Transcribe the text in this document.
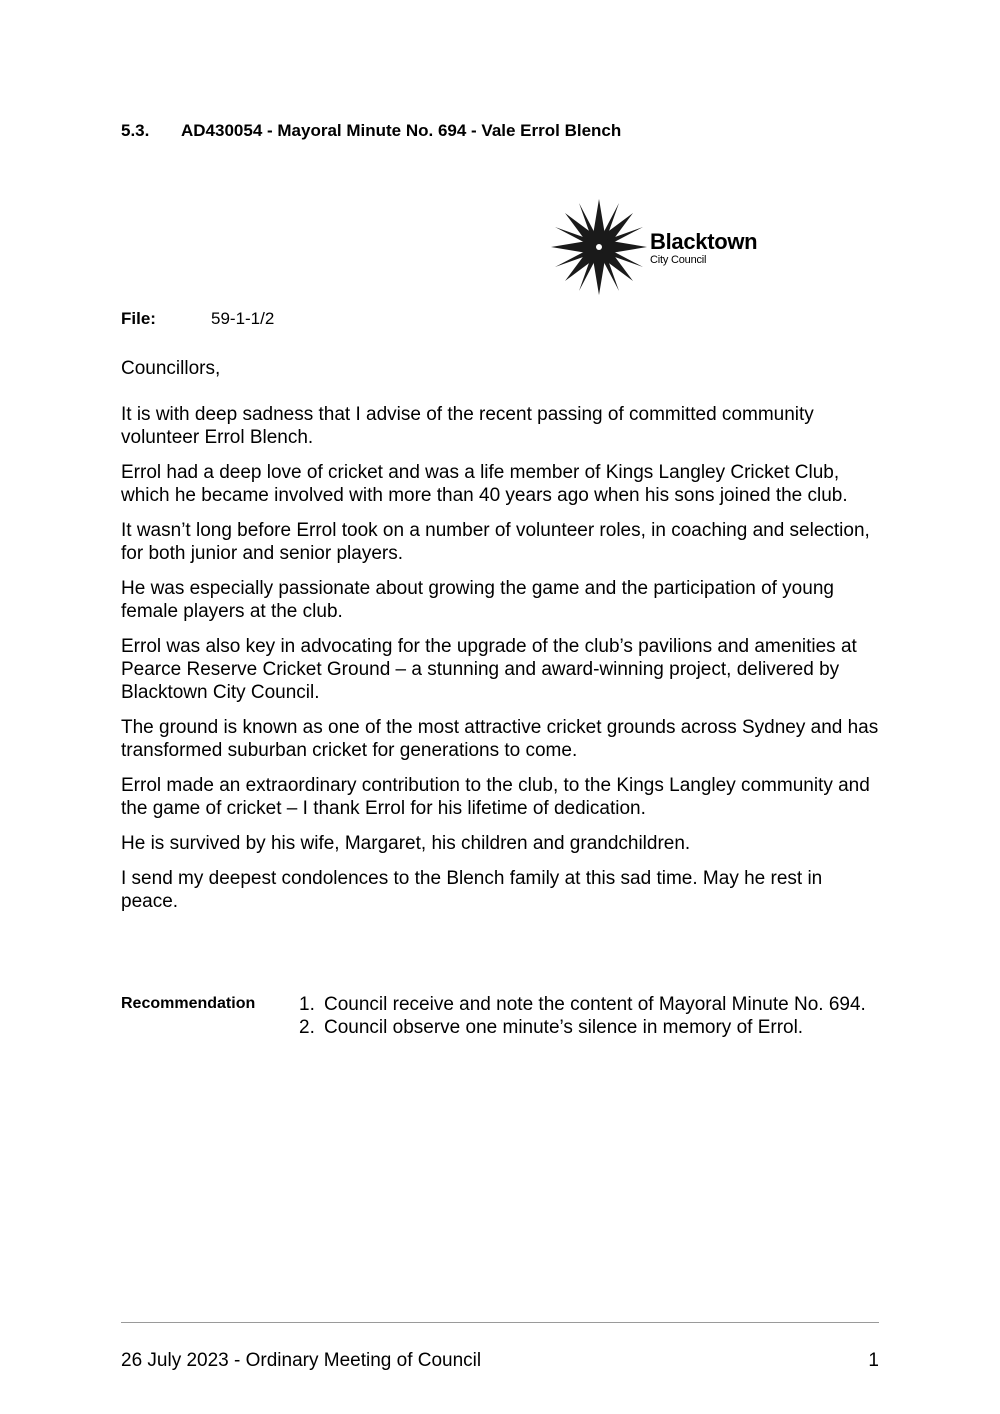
5.3. AD430054 - Mayoral Minute No. 694 - Vale Errol Blench
Blacktown
City Council
File:	59-1-1/2

Councillors,

It is with deep sadness that I advise of the recent passing of committed community volunteer Errol Blench.

Errol had a deep love of cricket and was a life member of Kings Langley Cricket Club, which he became involved with more than 40 years ago when his sons joined the club.

It wasn’t long before Errol took on a number of volunteer roles, in coaching and selection, for both junior and senior players.

He was especially passionate about growing the game and the participation of young female players at the club.

Errol was also key in advocating for the upgrade of the club’s pavilions and amenities at Pearce Reserve Cricket Ground – a stunning and award-winning project, delivered by Blacktown City Council.

The ground is known as one of the most attractive cricket grounds across Sydney and has transformed suburban cricket for generations to come.

Errol made an extraordinary contribution to the club, to the Kings Langley community and the game of cricket – I thank Errol for his lifetime of dedication.

He is survived by his wife, Margaret, his children and grandchildren.

I send my deepest condolences to the Blench family at this sad time. May he rest in peace.

Recommendation 1. Council receive and note the content of Mayoral Minute No. 694.
2. Council observe one minute’s silence in memory of Errol.
26 July 2023 - Ordinary Meeting of Council	1
